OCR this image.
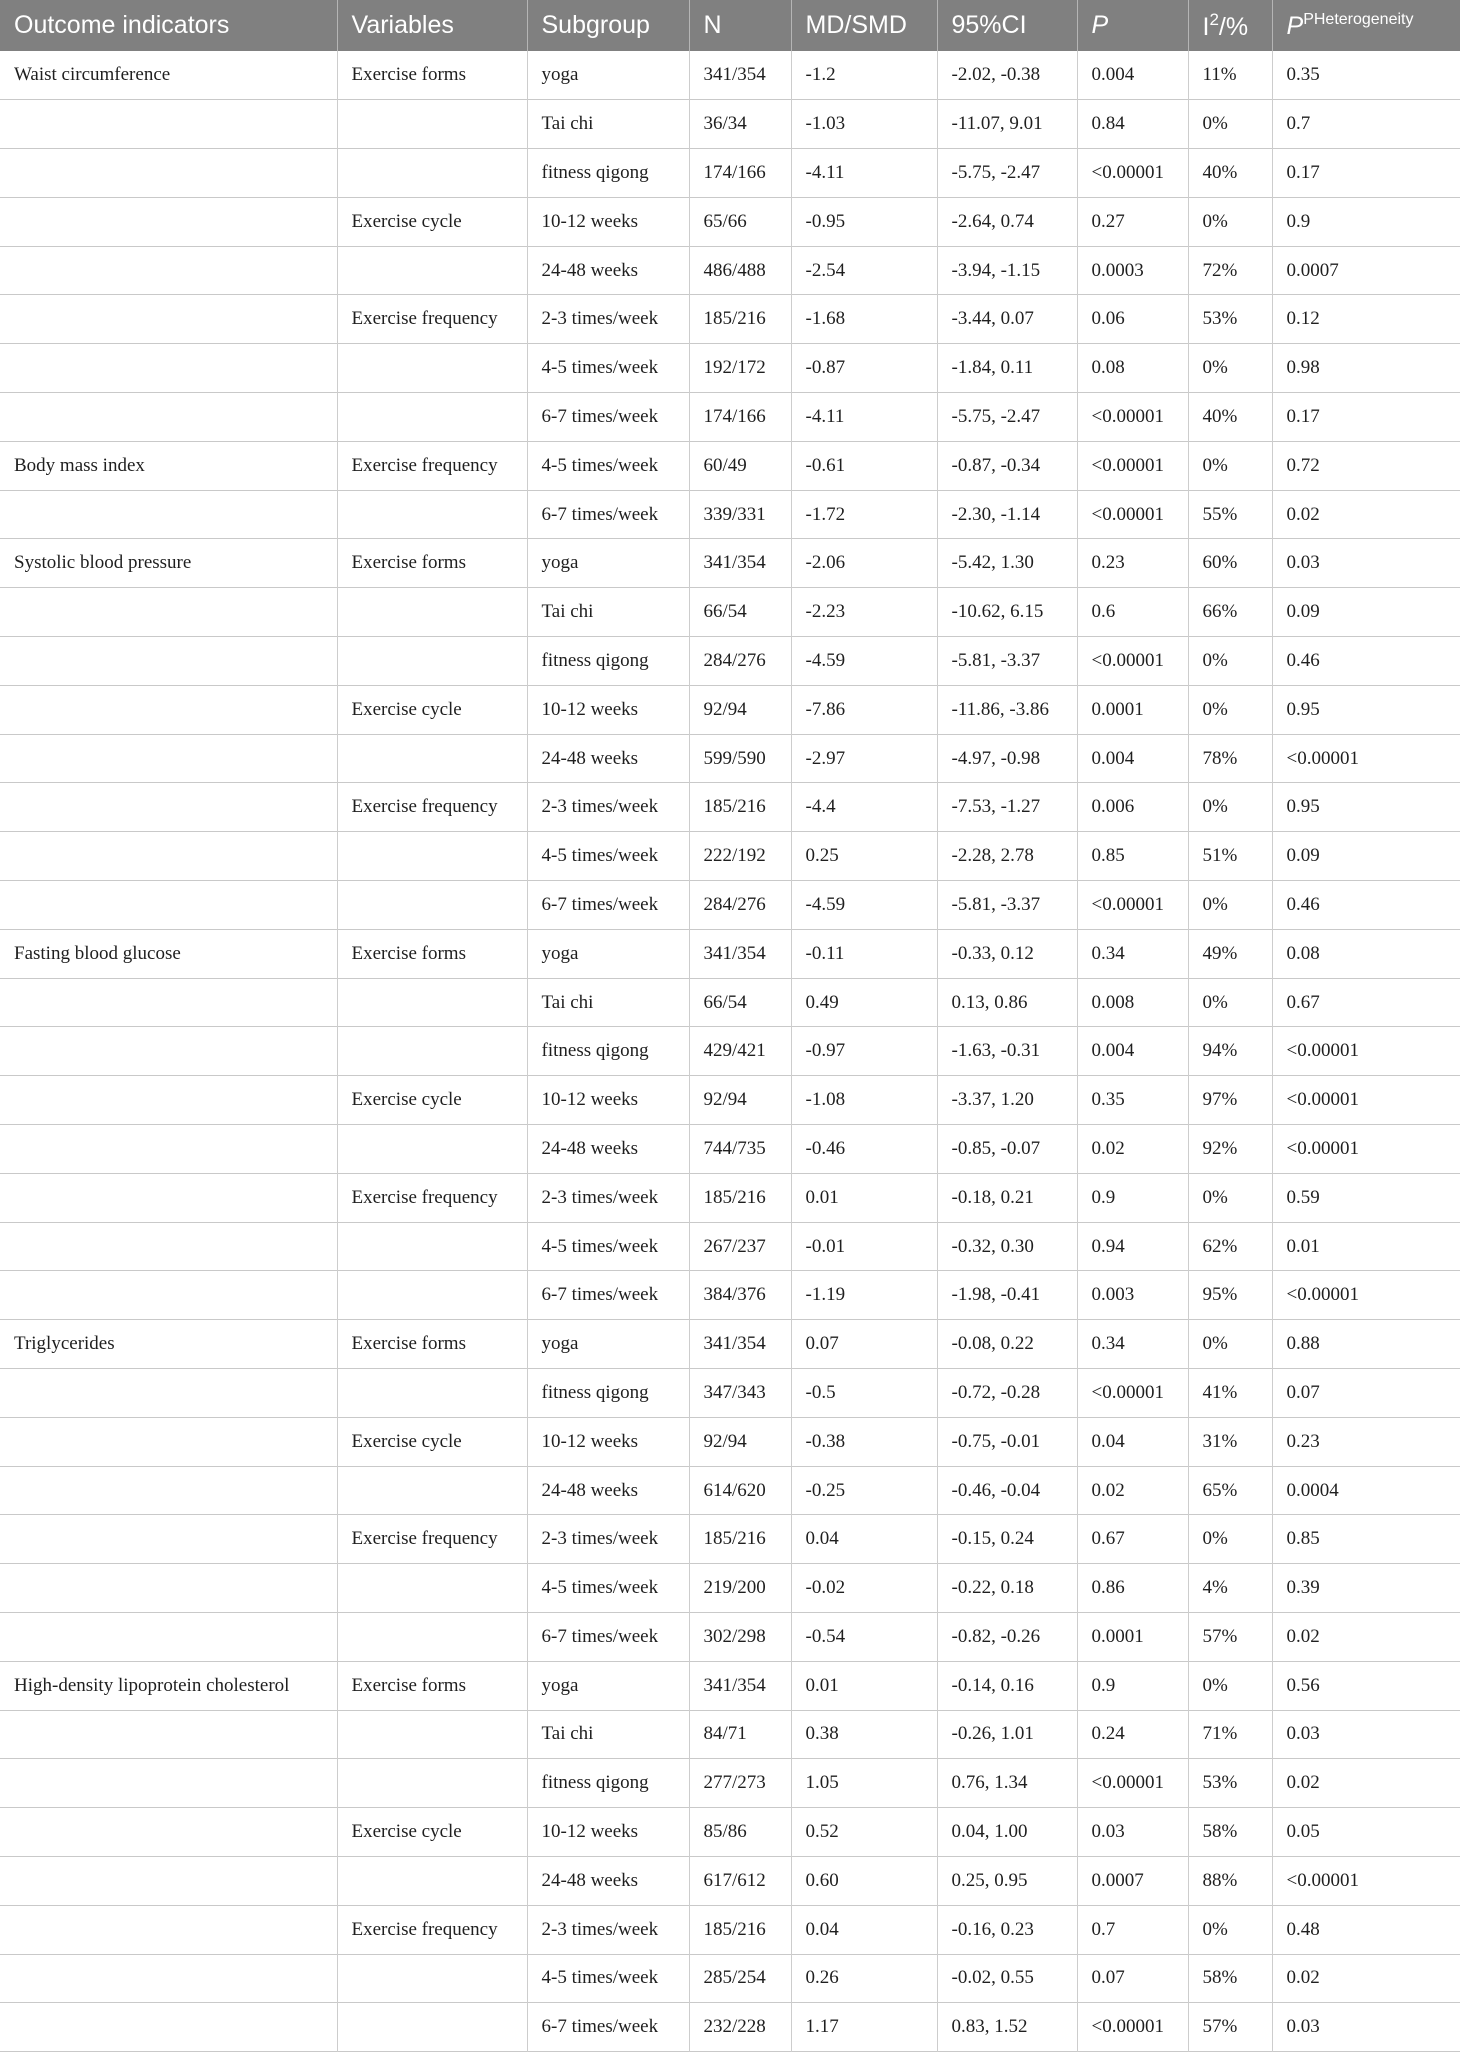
Outcome indicators	Variables	Subgroup	N	MD/SMD	95%CI	P	$I^2/\%$	$P^{PHeterogeneity}$
Waist circumference	Exercise forms	yoga	341/354	-1.2	-2.02, -0.38	0.004	11%	0.35
		Tai chi	36/34	-1.03	-11.07, 9.01	0.84	0%	0.7
		fitness qigong	174/166	-4.11	-5.75, -2.47	<0.00001	40%	0.17
	Exercise cycle	10-12 weeks	65/66	-0.95	-2.64, 0.74	0.27	0%	0.9
		24-48 weeks	486/488	-2.54	-3.94, -1.15	0.0003	72%	0.0007
	Exercise frequency	2-3 times/week	185/216	-1.68	-3.44, 0.07	0.06	53%	0.12
		4-5 times/week	192/172	-0.87	-1.84, 0.11	0.08	0%	0.98
		6-7 times/week	174/166	-4.11	-5.75, -2.47	<0.00001	40%	0.17
Body mass index	Exercise frequency	4-5 times/week	60/49	-0.61	-0.87, -0.34	<0.00001	0%	0.72
		6-7 times/week	339/331	-1.72	-2.30, -1.14	<0.00001	55%	0.02
Systolic blood pressure	Exercise forms	yoga	341/354	-2.06	-5.42, 1.30	0.23	60%	0.03
		Tai chi	66/54	-2.23	-10.62, 6.15	0.6	66%	0.09
		fitness qigong	284/276	-4.59	-5.81, -3.37	<0.00001	0%	0.46
	Exercise cycle	10-12 weeks	92/94	-7.86	-11.86, -3.86	0.0001	0%	0.95
		24-48 weeks	599/590	-2.97	-4.97, -0.98	0.004	78%	<0.00001
	Exercise frequency	2-3 times/week	185/216	-4.4	-7.53, -1.27	0.006	0%	0.95
		4-5 times/week	222/192	0.25	-2.28, 2.78	0.85	51%	0.09
		6-7 times/week	284/276	-4.59	-5.81, -3.37	<0.00001	0%	0.46
Fasting blood glucose	Exercise forms	yoga	341/354	-0.11	-0.33, 0.12	0.34	49%	0.08
		Tai chi	66/54	0.49	0.13, 0.86	0.008	0%	0.67
		fitness qigong	429/421	-0.97	-1.63, -0.31	0.004	94%	<0.00001
	Exercise cycle	10-12 weeks	92/94	-1.08	-3.37, 1.20	0.35	97%	<0.00001
		24-48 weeks	744/735	-0.46	-0.85, -0.07	0.02	92%	<0.00001
	Exercise frequency	2-3 times/week	185/216	0.01	-0.18, 0.21	0.9	0%	0.59
		4-5 times/week	267/237	-0.01	-0.32, 0.30	0.94	62%	0.01
		6-7 times/week	384/376	-1.19	-1.98, -0.41	0.003	95%	<0.00001
Triglycerides	Exercise forms	yoga	341/354	0.07	-0.08, 0.22	0.34	0%	0.88
		fitness qigong	347/343	-0.5	-0.72, -0.28	<0.00001	41%	0.07
	Exercise cycle	10-12 weeks	92/94	-0.38	-0.75, -0.01	0.04	31%	0.23
		24-48 weeks	614/620	-0.25	-0.46, -0.04	0.02	65%	0.0004
	Exercise frequency	2-3 times/week	185/216	0.04	-0.15, 0.24	0.67	0%	0.85
		4-5 times/week	219/200	-0.02	-0.22, 0.18	0.86	4%	0.39
		6-7 times/week	302/298	-0.54	-0.82, -0.26	0.0001	57%	0.02
High-density lipoprotein cholesterol	Exercise forms	yoga	341/354	0.01	-0.14, 0.16	0.9	0%	0.56
		Tai chi	84/71	0.38	-0.26, 1.01	0.24	71%	0.03
		fitness qigong	277/273	1.05	0.76, 1.34	<0.00001	53%	0.02
	Exercise cycle	10-12 weeks	85/86	0.52	0.04, 1.00	0.03	58%	0.05
		24-48 weeks	617/612	0.60	0.25, 0.95	0.0007	88%	<0.00001
	Exercise frequency	2-3 times/week	185/216	0.04	-0.16, 0.23	0.7	0%	0.48
		4-5 times/week	285/254	0.26	-0.02, 0.55	0.07	58%	0.02
		6-7 times/week	232/228	1.17	0.83, 1.52	<0.00001	57%	0.03
